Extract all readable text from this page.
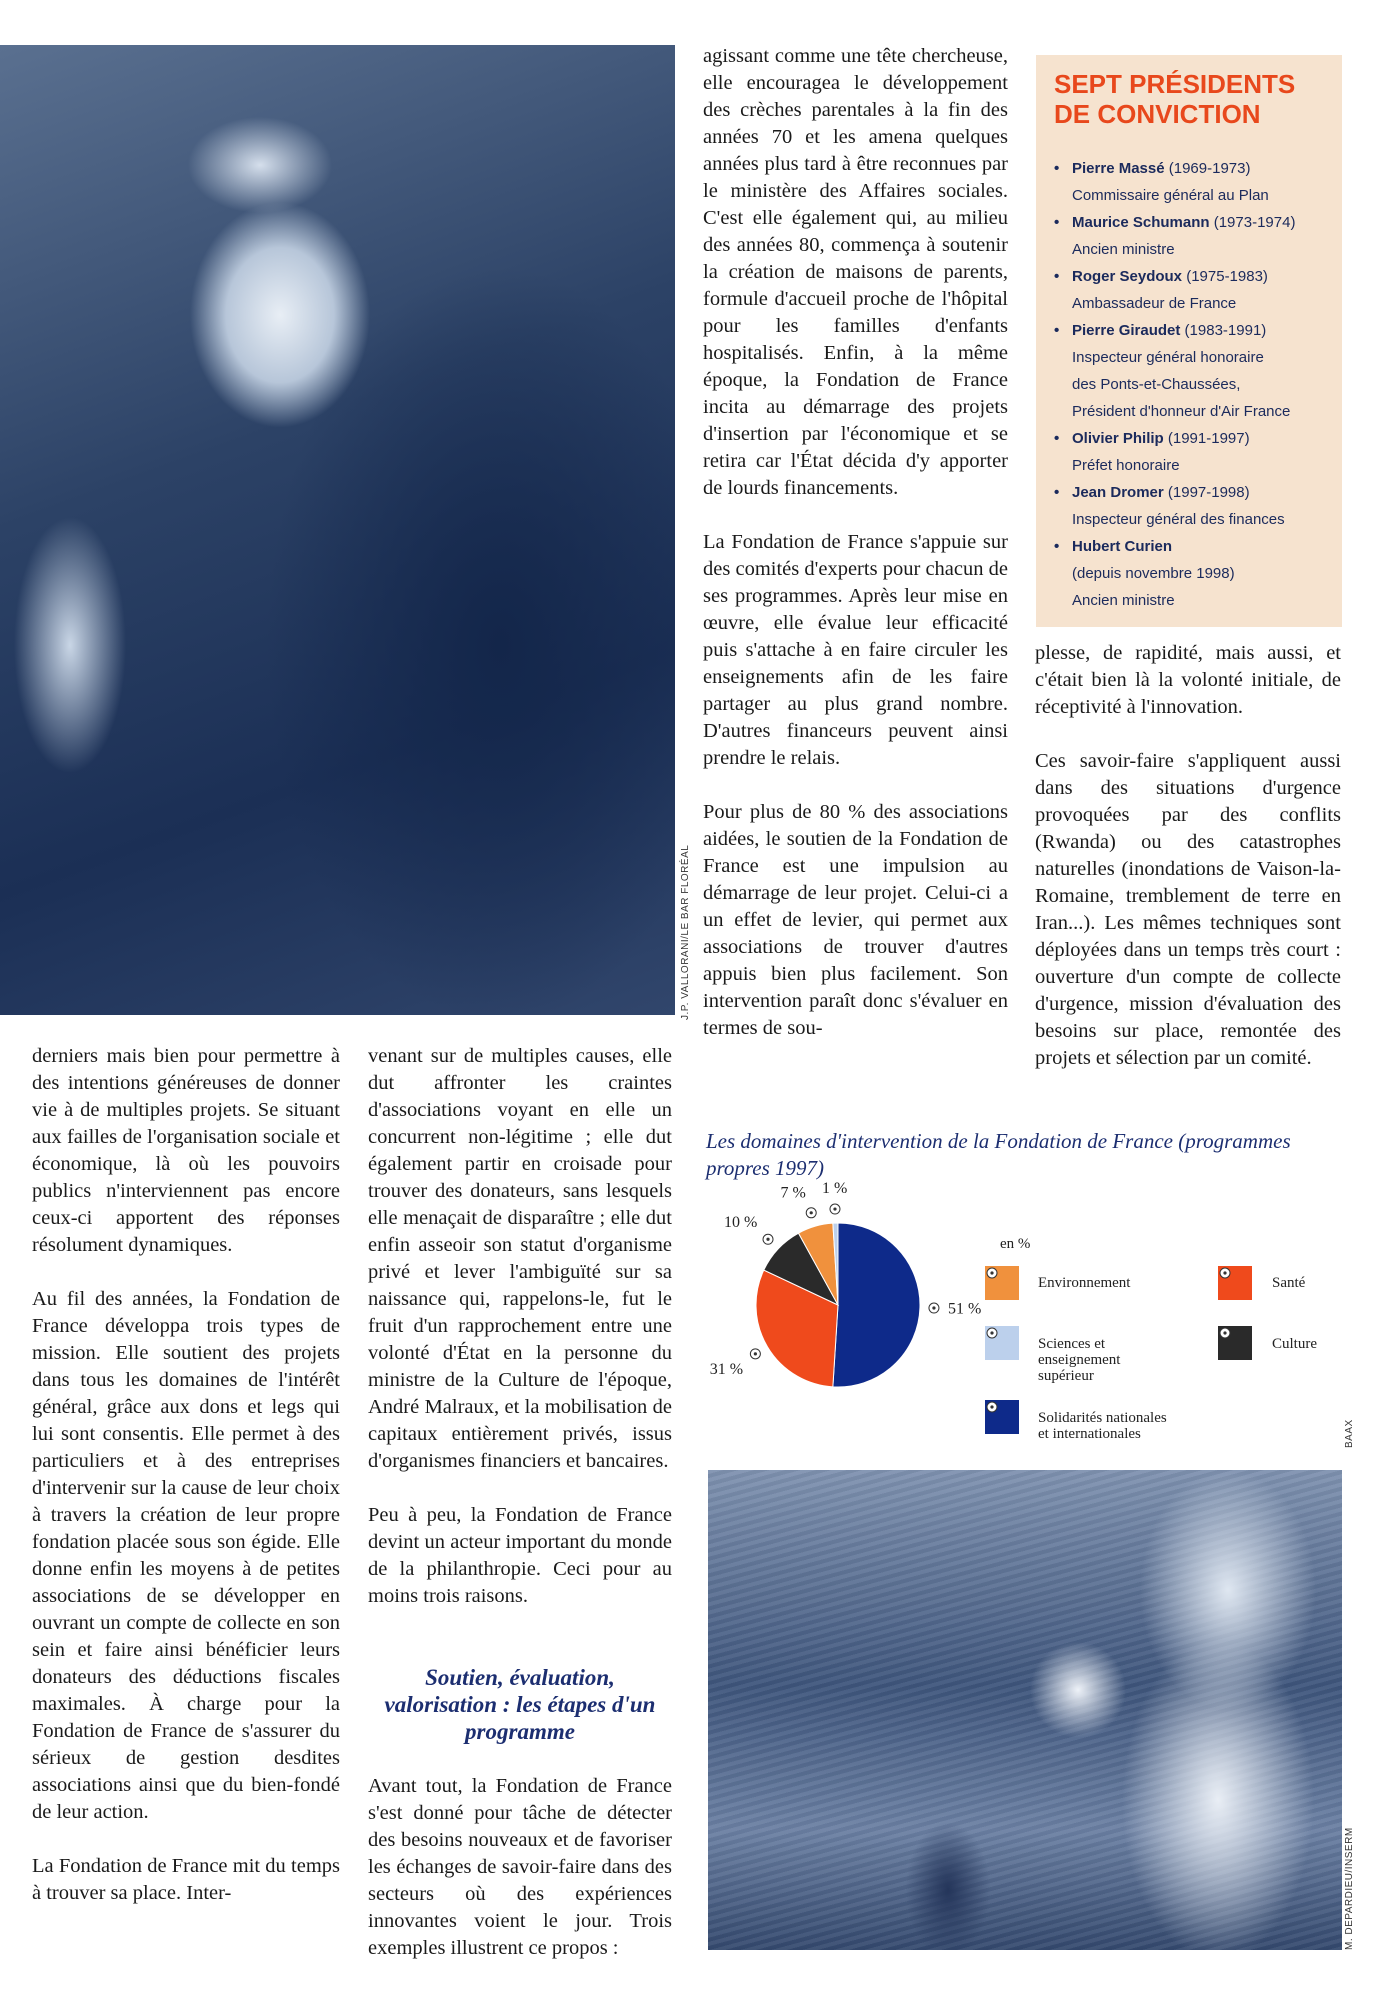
J.P. VALLORANI/LE BAR FLORÉAL

derniers mais bien pour permettre à des intentions généreuses de donner vie à de multiples projets. Se situant aux failles de l'organisation sociale et économique, là où les pouvoirs publics n'interviennent pas encore ceux-ci apportent des réponses résolument dynamiques.

Au fil des années, la Fondation de France développa trois types de mission. Elle soutient des projets dans tous les domaines de l'intérêt général, grâce aux dons et legs qui lui sont consentis. Elle permet à des particuliers et à des entreprises d'intervenir sur la cause de leur choix à travers la création de leur propre fondation placée sous son égide. Elle donne enfin les moyens à de petites associations de se développer en ouvrant un compte de collecte en son sein et faire ainsi bénéficier leurs donateurs des déductions fiscales maximales. À charge pour la Fondation de France de s'assurer du sérieux de gestion desdites associations ainsi que du bien-fondé de leur action.

La Fondation de France mit du temps à trouver sa place. Inter-

venant sur de multiples causes, elle dut affronter les craintes d'associations voyant en elle un concurrent non-légitime ; elle dut également partir en croisade pour trouver des donateurs, sans lesquels elle menaçait de disparaître ; elle dut enfin asseoir son statut d'organisme privé et lever l'ambiguïté sur sa naissance qui, rappelons-le, fut le fruit d'un rapprochement entre une volonté d'État en la personne du ministre de la Culture de l'époque, André Malraux, et la mobilisation de capitaux entièrement privés, issus d'organismes financiers et bancaires.

Peu à peu, la Fondation de France devint un acteur important du monde de la philanthropie. Ceci pour au moins trois raisons.

Soutien, évaluation, valorisation : les étapes d'un programme

Avant tout, la Fondation de France s'est donné pour tâche de détecter des besoins nouveaux et de favoriser les échanges de savoir-faire dans des secteurs où des expériences innovantes voient le jour. Trois exemples illustrent ce propos :

agissant comme une tête chercheuse, elle encouragea le développement des crèches parentales à la fin des années 70 et les amena quelques années plus tard à être reconnues par le ministère des Affaires sociales. C'est elle également qui, au milieu des années 80, commença à soutenir la création de maisons de parents, formule d'accueil proche de l'hôpital pour les familles d'enfants hospitalisés. Enfin, à la même époque, la Fondation de France incita au démarrage des projets d'insertion par l'économique et se retira car l'État décida d'y apporter de lourds financements.

La Fondation de France s'appuie sur des comités d'experts pour chacun de ses programmes. Après leur mise en œuvre, elle évalue leur efficacité puis s'attache à en faire circuler les enseignements afin de les faire partager au plus grand nombre. D'autres financeurs peuvent ainsi prendre le relais.

Pour plus de 80 % des associations aidées, le soutien de la Fondation de France est une impulsion au démarrage de leur projet. Celui-ci a un effet de levier, qui permet aux associations de trouver d'autres appuis bien plus facilement. Son intervention paraît donc s'évaluer en termes de sou-

SEPT PRÉSIDENTS
DE CONVICTION
• Pierre Massé (1969-1973)
Commissaire général au Plan
• Maurice Schumann (1973-1974)
Ancien ministre
• Roger Seydoux (1975-1983)
Ambassadeur de France
• Pierre Giraudet (1983-1991)
Inspecteur général honoraire
des Ponts-et-Chaussées,
Président d'honneur d'Air France
• Olivier Philip (1991-1997)
Préfet honoraire
• Jean Dromer (1997-1998)
Inspecteur général des finances
• Hubert Curien
(depuis novembre 1998)
Ancien ministre

plesse, de rapidité, mais aussi, et c'était bien là la volonté initiale, de réceptivité à l'innovation.

Ces savoir-faire s'appliquent aussi dans des situations d'urgence provoquées par des conflits (Rwanda) ou des catastrophes naturelles (inondations de Vaison-la-Romaine, tremblement de terre en Iran...). Les mêmes techniques sont déployées dans un temps très court : ouverture d'un compte de collecte d'urgence, mission d'évaluation des besoins sur place, remontée des projets et sélection par un comité.

Les domaines d'intervention de la Fondation de France (programmes propres 1997)
51 %
31 %
10 %
7 % 1 %
BAAX
en %
Environnement	Santé
Sciences et
enseignement
supérieur
Culture
Solidarités nationales
et internationales
M. DEPARDIEU/INSERM
